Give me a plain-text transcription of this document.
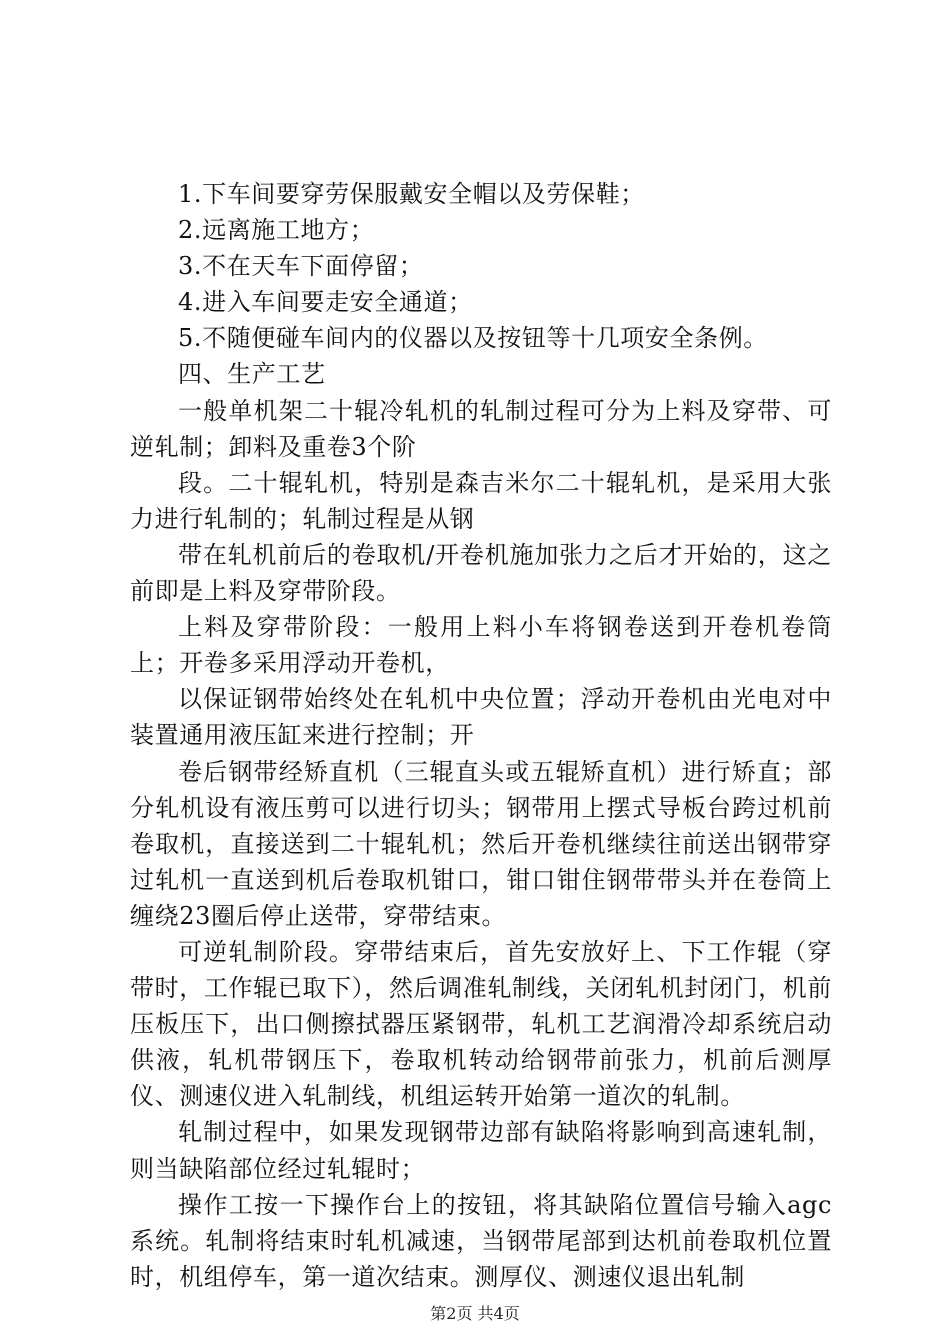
1.下车间要穿劳保服戴安全帽以及劳保鞋；

2.远离施工地方；

3.不在天车下面停留；

4.进入车间要走安全通道；

5.不随便碰车间内的仪器以及按钮等十几项安全条例。

四、生产工艺

一般单机架二十辊冷轧机的轧制过程可分为上料及穿带、可逆轧制；卸料及重卷3个阶

段。二十辊轧机，特别是森吉米尔二十辊轧机，是采用大张力进行轧制的；轧制过程是从钢

带在轧机前后的卷取机/开卷机施加张力之后才开始的，这之前即是上料及穿带阶段。

上料及穿带阶段：一般用上料小车将钢卷送到开卷机卷筒上；开卷多采用浮动开卷机，

以保证钢带始终处在轧机中央位置；浮动开卷机由光电对中装置通用液压缸来进行控制；开

卷后钢带经矫直机（三辊直头或五辊矫直机）进行矫直；部分轧机设有液压剪可以进行切头；钢带用上摆式导板台跨过机前卷取机，直接送到二十辊轧机；然后开卷机继续往前送出钢带穿过轧机一直送到机后卷取机钳口，钳口钳住钢带带头并在卷筒上缠绕23圈后停止送带，穿带结束。

可逆轧制阶段。穿带结束后，首先安放好上、下工作辊（穿带时，工作辊已取下），然后调准轧制线，关闭轧机封闭门，机前压板压下，出口侧擦拭器压紧钢带，轧机工艺润滑冷却系统启动供液，轧机带钢压下，卷取机转动给钢带前张力，机前后测厚仪、测速仪进入轧制线，机组运转开始第一道次的轧制。

轧制过程中，如果发现钢带边部有缺陷将影响到高速轧制，则当缺陷部位经过轧辊时；

操作工按一下操作台上的按钮，将其缺陷位置信号输入agc系统。轧制将结束时轧机减速，当钢带尾部到达机前卷取机位置时，机组停车，第一道次结束。测厚仪、测速仪退出轧制

第2页 共4页
